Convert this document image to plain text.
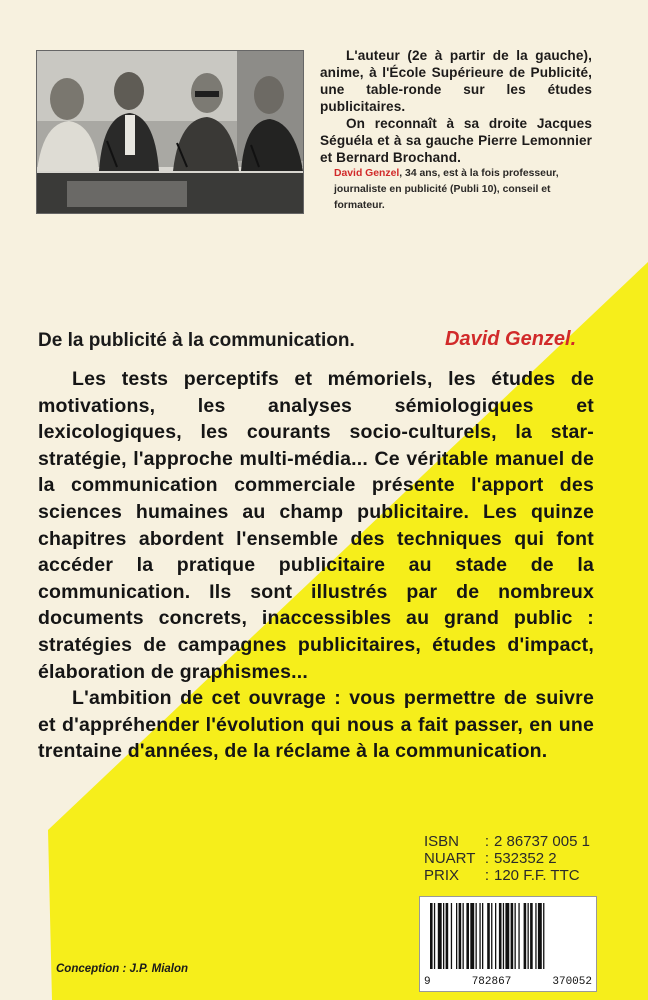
L'auteur (2e à partir de la gauche), anime, à l'École Supérieure de Publicité, une table-ronde sur les études publicitaires.

On reconnaît à sa droite Jacques Séguéla et à sa gauche Pierre Lemonnier et Bernard Brochand.

David Genzel, 34 ans, est à la fois professeur, journaliste en publicité (Publi 10), conseil et formateur.
De la publicité à la communication.	David Genzel.

Les tests perceptifs et mémoriels, les études de motivations, les analyses sémiologiques et lexicologiques, les courants socio-culturels, la star-stratégie, l'approche multi-média... Ce véritable manuel de la communication commerciale présente l'apport des sciences humaines au champ publicitaire. Les quinze chapitres abordent l'ensemble des techniques qui font accéder la pratique publicitaire au stade de la communication. Ils sont illustrés par de nombreux documents concrets, inaccessibles au grand public : stratégies de campagnes publicitaires, études d'impact, élaboration de graphismes...

L'ambition de cet ouvrage : vous permettre de suivre et d'appréhender l'évolution qui nous a fait passer, en une trentaine d'années, de la réclame à la communication.

ISBN	: 2 86737 005 1
NUART : 532352 2
PRIX	: 120 F.F. TTC
9	782867	370052
Conception : J.P. Mialon
